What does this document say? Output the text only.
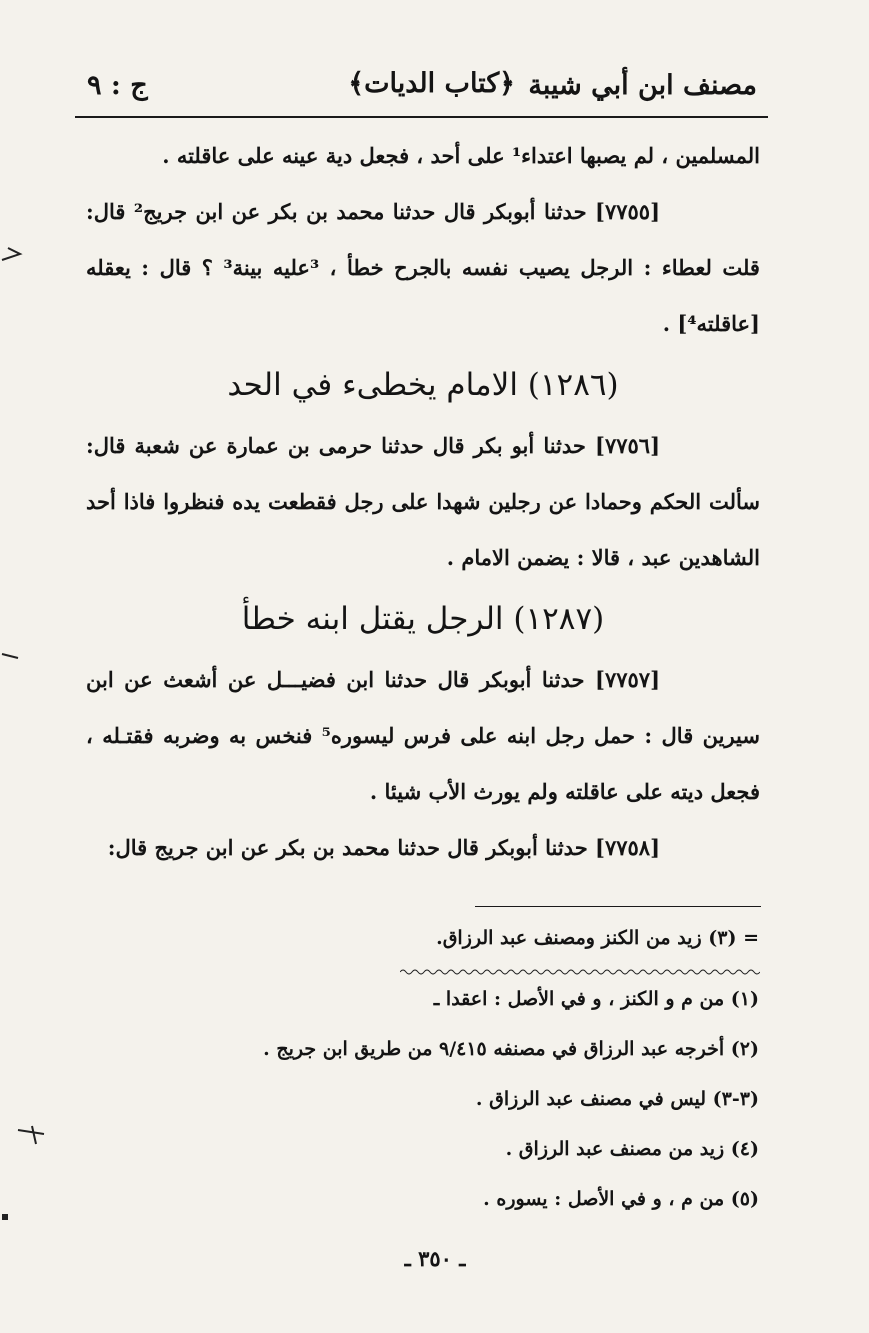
مصنف ابن أبي شيبة
﴿كتاب الديات﴾
ج : ٩

المسلمين ، لم يصبها اعتداء¹ على أحد ، فجعل دية عينه على عاقلته .

[٧٧٥٥] حدثنا أبوبكر قال حدثنا محمد بن بكر عن ابن جريج² قال: قلت لعطاء : الرجل يصيب نفسه بالجرح خطأ ، ³عليه بينة³ ؟ قال : يعقله [عاقلته⁴] .

(١٢٨٦) الامام يخطىء في الحد

[٧٧٥٦] حدثنا أبو بكر قال حدثنا حرمى بن عمارة عن شعبة قال: سألت الحكم وحمادا عن رجلين شهدا على رجل فقطعت يده فنظروا فاذا أحد الشاهدين عبد ، قالا : يضمن الامام .

(١٢٨٧) الرجل يقتل ابنه خطأ

[٧٧٥٧] حدثنا أبوبكر قال حدثنا ابن فضيـــل عن أشعث عن ابن سيرين قال : حمل رجل ابنه على فرس ليسوره⁵ فنخس به وضربه فقتـله ، فجعل ديته على عاقلته ولم يورث الأب شيئا .

[٧٧٥٨] حدثنا أبوبكر قال حدثنا محمد بن بكر عن ابن جريج قال:

= (٣) زيد من الكنز ومصنف عبد الرزاق.

(١) من م و الكنز ، و في الأصل : اعقدا ـ

(٢) أخرجه عبد الرزاق في مصنفه ٩/٤١٥ من طريق ابن جريج .

(٣-٣) ليس في مصنف عبد الرزاق .

(٤) زيد من مصنف عبد الرزاق .

(٥) من م ، و في الأصل : يسوره .

ـ ٣٥٠ ـ
